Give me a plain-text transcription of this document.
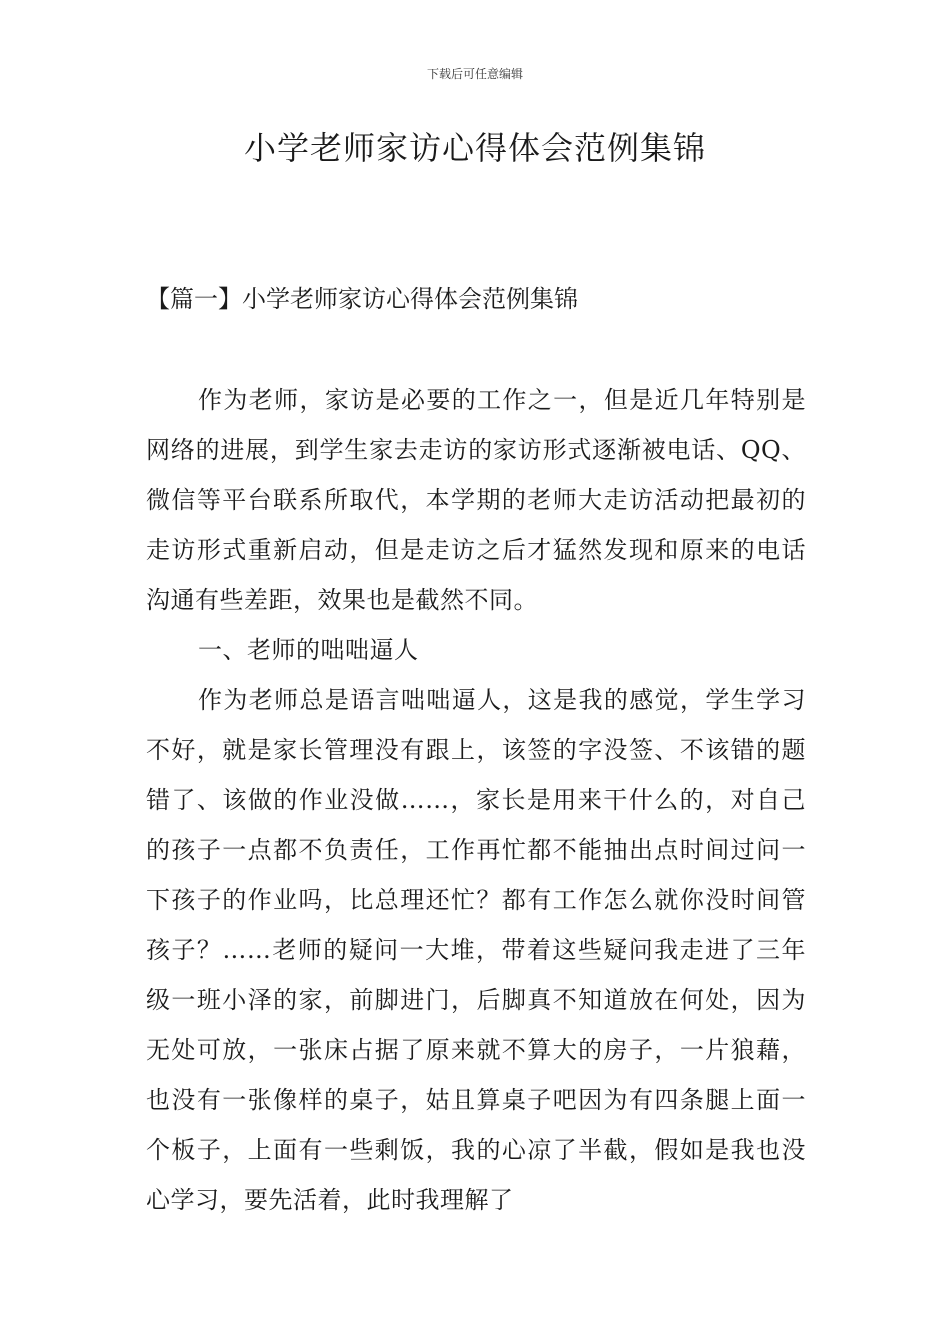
下载后可任意编辑
小学老师家访心得体会范例集锦
【篇一】小学老师家访心得体会范例集锦

作为老师，家访是必要的工作之一，但是近几年特别是网络的进展，到学生家去走访的家访形式逐渐被电话、QQ、微信等平台联系所取代，本学期的老师大走访活动把最初的走访形式重新启动，但是走访之后才猛然发现和原来的电话沟通有些差距，效果也是截然不同。

一、老师的咄咄逼人

作为老师总是语言咄咄逼人，这是我的感觉，学生学习不好，就是家长管理没有跟上，该签的字没签、不该错的题错了、该做的作业没做……，家长是用来干什么的，对自己的孩子一点都不负责任，工作再忙都不能抽出点时间过问一下孩子的作业吗，比总理还忙？都有工作怎么就你没时间管孩子？……老师的疑问一大堆，带着这些疑问我走进了三年级一班小泽的家，前脚进门，后脚真不知道放在何处，因为无处可放，一张床占据了原来就不算大的房子，一片狼藉，也没有一张像样的桌子，姑且算桌子吧因为有四条腿上面一个板子，上面有一些剩饭，我的心凉了半截，假如是我也没心学习，要先活着，此时我理解了
